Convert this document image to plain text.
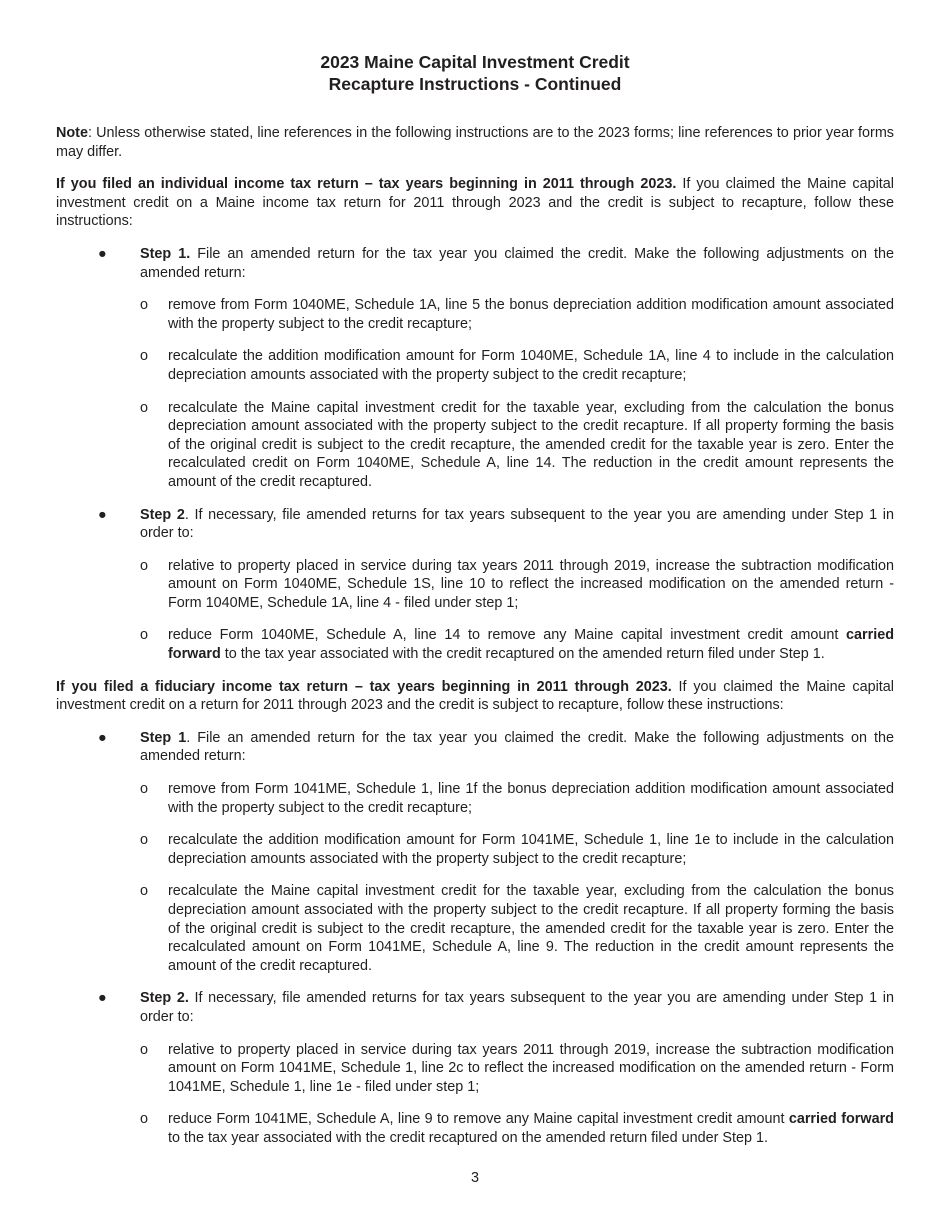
2023 Maine Capital Investment Credit
Recapture Instructions - Continued

Note: Unless otherwise stated, line references in the following instructions are to the 2023 forms; line references to prior year forms may differ.

If you filed an individual income tax return – tax years beginning in 2011 through 2023. If you claimed the Maine capital investment credit on a Maine income tax return for 2011 through 2023 and the credit is subject to recapture, follow these instructions:

● Step 1. File an amended return for the tax year you claimed the credit. Make the following adjustments on the amended return:
o remove from Form 1040ME, Schedule 1A, line 5 the bonus depreciation addition modification amount associated with the property subject to the credit recapture;
o recalculate the addition modification amount for Form 1040ME, Schedule 1A, line 4 to include in the calculation depreciation amounts associated with the property subject to the credit recapture;
o recalculate the Maine capital investment credit for the taxable year, excluding from the calculation the bonus depreciation amount associated with the property subject to the credit recapture. If all property forming the basis of the original credit is subject to the credit recapture, the amended credit for the taxable year is zero. Enter the recalculated credit on Form 1040ME, Schedule A, line 14. The reduction in the credit amount represents the amount of the credit recaptured.
● Step 2. If necessary, file amended returns for tax years subsequent to the year you are amending under Step 1 in order to:
o relative to property placed in service during tax years 2011 through 2019, increase the subtraction modification amount on Form 1040ME, Schedule 1S, line 10 to reflect the increased modification on the amended return - Form 1040ME, Schedule 1A, line 4 - filed under step 1;
o reduce Form 1040ME, Schedule A, line 14 to remove any Maine capital investment credit amount carried forward to the tax year associated with the credit recaptured on the amended return filed under Step 1.

If you filed a fiduciary income tax return – tax years beginning in 2011 through 2023. If you claimed the Maine capital investment credit on a return for 2011 through 2023 and the credit is subject to recapture, follow these instructions:

● Step 1. File an amended return for the tax year you claimed the credit. Make the following adjustments on the amended return:
o remove from Form 1041ME, Schedule 1, line 1f the bonus depreciation addition modification amount associated with the property subject to the credit recapture;
o recalculate the addition modification amount for Form 1041ME, Schedule 1, line 1e to include in the calculation depreciation amounts associated with the property subject to the credit recapture;
o recalculate the Maine capital investment credit for the taxable year, excluding from the calculation the bonus depreciation amount associated with the property subject to the credit recapture. If all property forming the basis of the original credit is subject to the credit recapture, the amended credit for the taxable year is zero. Enter the recalculated amount on Form 1041ME, Schedule A, line 9. The reduction in the credit amount represents the amount of the credit recaptured.
● Step 2. If necessary, file amended returns for tax years subsequent to the year you are amending under Step 1 in order to:
o relative to property placed in service during tax years 2011 through 2019, increase the subtraction modification amount on Form 1041ME, Schedule 1, line 2c to reflect the increased modification on the amended return - Form 1041ME, Schedule 1, line 1e - filed under step 1;
o reduce Form 1041ME, Schedule A, line 9 to remove any Maine capital investment credit amount carried forward to the tax year associated with the credit recaptured on the amended return filed under Step 1.
3
